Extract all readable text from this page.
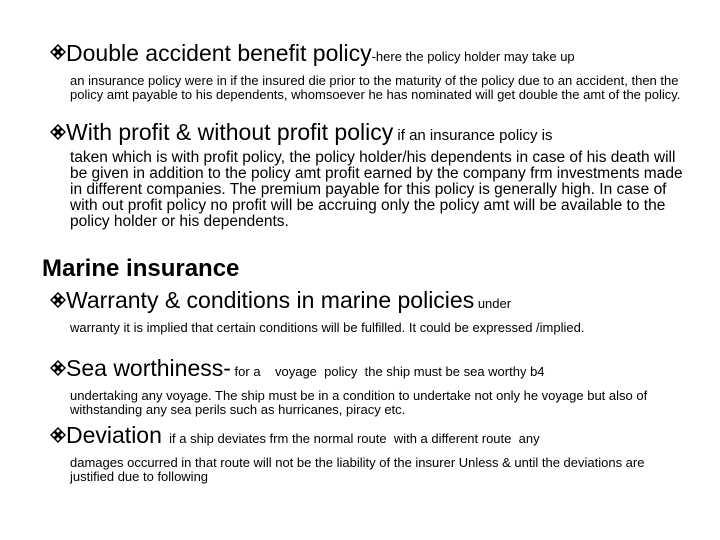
Double accident benefit policy-here the policy holder may take up
an insurance policy were in if the insured die prior to the maturity of the policy due to an accident, then the policy amt payable to his dependents, whomsoever he has nominated will get double the amt of the policy.
With profit & without profit policy if an insurance policy is
taken which is with profit policy, the policy holder/his dependents in case of his death will be given in addition to the policy amt profit earned by the company frm investments made in different companies. The premium payable for this policy is generally high. In case of with out profit policy no profit will be accruing only the policy amt will be available to the policy holder or his dependents.
Marine insurance
Warranty & conditions in marine policies under
warranty it is implied that certain conditions will be fulfilled. It could be expressed /implied.
Sea worthiness- for a    voyage  policy  the ship must be sea worthy b4
undertaking any voyage. The ship must be in a condition to undertake not only he voyage but also of withstanding any sea perils such as hurricanes, piracy etc.
Deviation  if a ship deviates frm the normal route  with a different route  any
damages occurred in that route will not be the liability of the insurer Unless & until the deviations are justified due to following
